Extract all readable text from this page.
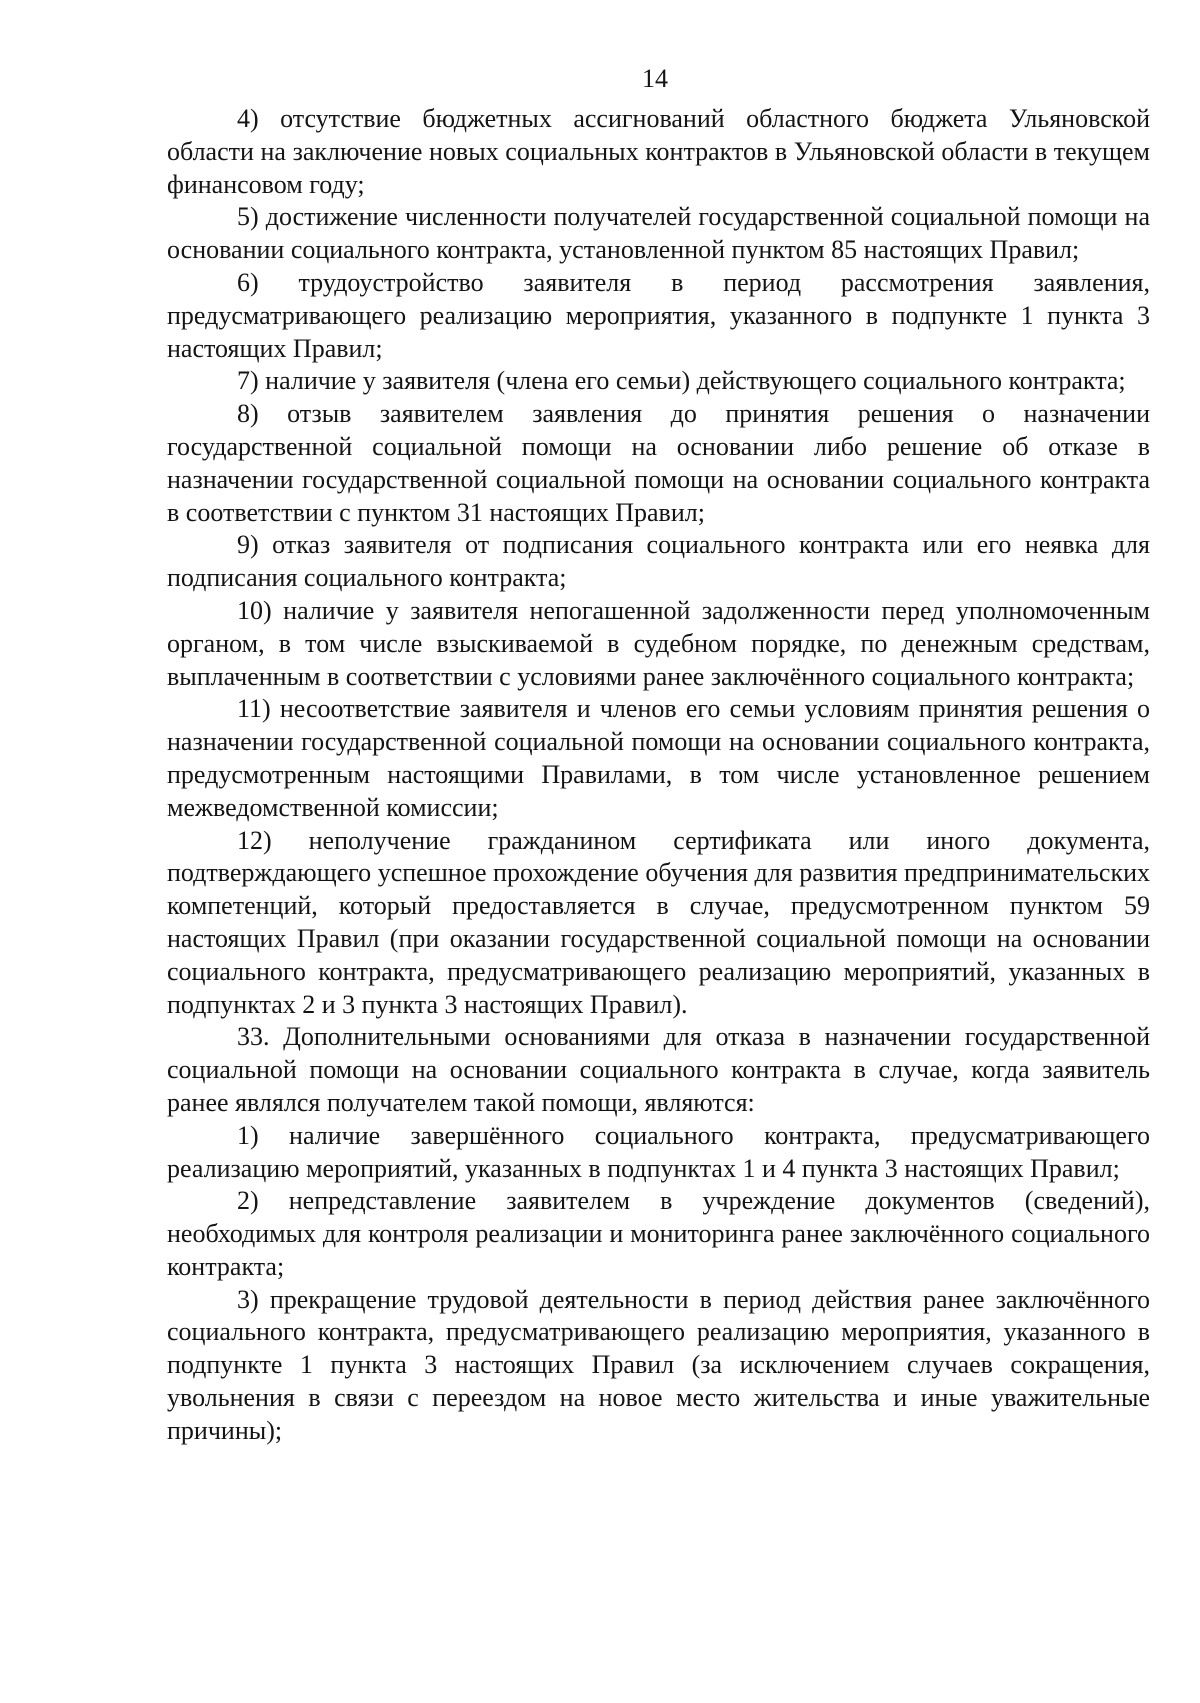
14

4) отсутствие бюджетных ассигнований областного бюджета Ульяновской области на заключение новых социальных контрактов в Ульяновской области в текущем финансовом году;

5) достижение численности получателей государственной социальной помощи на основании социального контракта, установленной пунктом 85 настоящих Правил;

6) трудоустройство заявителя в период рассмотрения заявления, предусматривающего реализацию мероприятия, указанного в подпункте 1 пункта 3 настоящих Правил;

7) наличие у заявителя (члена его семьи) действующего социального контракта;

8) отзыв заявителем заявления до принятия решения о назначении государственной социальной помощи на основании либо решение об отказе в назначении государственной социальной помощи на основании социального контракта в соответствии с пунктом 31 настоящих Правил;

9) отказ заявителя от подписания социального контракта или его неявка для подписания социального контракта;

10) наличие у заявителя непогашенной задолженности перед уполномоченным органом, в том числе взыскиваемой в судебном порядке, по денежным средствам, выплаченным в соответствии с условиями ранее заключённого социального контракта;

11) несоответствие заявителя и членов его семьи условиям принятия решения о назначении государственной социальной помощи на основании социального контракта, предусмотренным настоящими Правилами, в том числе установленное решением межведомственной комиссии;

12) неполучение гражданином сертификата или иного документа, подтверждающего успешное прохождение обучения для развития предпринимательских компетенций, который предоставляется в случае, предусмотренном пунктом 59 настоящих Правил (при оказании государственной социальной помощи на основании социального контракта, предусматривающего реализацию мероприятий, указанных в подпунктах 2 и 3 пункта 3 настоящих Правил).

33. Дополнительными основаниями для отказа в назначении государственной социальной помощи на основании социального контракта в случае, когда заявитель ранее являлся получателем такой помощи, являются:

1) наличие завершённого социального контракта, предусматривающего реализацию мероприятий, указанных в подпунктах 1 и 4 пункта 3 настоящих Правил;

2) непредставление заявителем в учреждение документов (сведений), необходимых для контроля реализации и мониторинга ранее заключённого социального контракта;

3) прекращение трудовой деятельности в период действия ранее заключённого социального контракта, предусматривающего реализацию мероприятия, указанного в подпункте 1 пункта 3 настоящих Правил (за исключением случаев сокращения, увольнения в связи с переездом на новое место жительства и иные уважительные причины);
